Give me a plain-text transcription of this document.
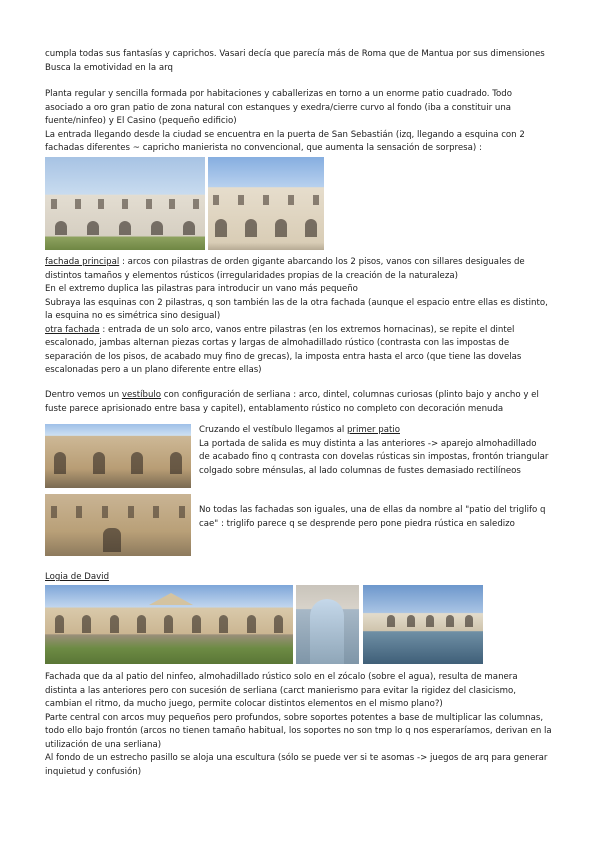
cumpla todas sus fantasías y caprichos. Vasari decía que parecía más de Roma que de Mantua por sus dimensiones
Busca la emotividad en la arq
Planta regular y sencilla formada por habitaciones y caballerizas en torno a un enorme patio cuadrado. Todo
asociado a oro gran patio de zona natural con estanques y exedra/cierre curvo al fondo (iba a constituir una
fuente/ninfeo) y El Casino (pequeño edificio)
La entrada llegando desde la ciudad se encuentra en la puerta de San Sebastián (izq, llegando a esquina con 2
fachadas diferentes ~ capricho manierista no convencional, que aumenta la sensación de sorpresa) :
fachada principal : arcos con pilastras de orden gigante abarcando los 2 pisos, vanos con sillares desiguales de
distintos tamaños y elementos rústicos (irregularidades propias de la creación de la naturaleza)
En el extremo duplica las pilastras para introducir un vano más pequeño
Subraya las esquinas con 2 pilastras, q son también las de la otra fachada (aunque el espacio entre ellas es distinto,
la esquina no es simétrica sino desigual)
otra fachada : entrada de un solo arco, vanos entre pilastras (en los extremos hornacinas), se repite el dintel
escalonado, jambas alternan piezas cortas y largas de almohadillado rústico (contrasta con las impostas de
separación de los pisos, de acabado muy fino de grecas), la imposta entra hasta el arco (que tiene las dovelas
escalonadas pero a un plano diferente entre ellas)
Dentro vemos un vestíbulo con configuración de serliana : arco, dintel, columnas curiosas (plinto bajo y ancho y el
fuste parece aprisionado entre basa y capitel), entablamento rústico no completo con decoración menuda
Cruzando el vestíbulo llegamos al primer patio
La portada de salida es muy distinta a las anteriores -> aparejo almohadillado
de acabado fino q contrasta con dovelas rústicas sin impostas, frontón triangular
colgado sobre ménsulas, al lado columnas de fustes demasiado rectilíneos
No todas las fachadas son iguales, una de ellas da nombre al "patio del triglifo q
cae" : triglifo parece q se desprende pero pone piedra rústica en saledizo
Logia de David
Fachada que da al patio del ninfeo, almohadillado rústico solo en el zócalo (sobre el agua), resulta de manera
distinta a las anteriores pero con sucesión de serliana (carct manierismo para evitar la rigidez del clasicismo,
cambian el ritmo, da mucho juego, permite colocar distintos elementos en el mismo plano?)
Parte central con arcos muy pequeños pero profundos, sobre soportes potentes a base de multiplicar las columnas,
todo ello bajo frontón (arcos no tienen tamaño habitual, los soportes no son tmp lo q nos esperaríamos, derivan en la
utilización de una serliana)
Al fondo de un estrecho pasillo se aloja una escultura (sólo se puede ver si te asomas -> juegos de arq para generar
inquietud y confusión)
